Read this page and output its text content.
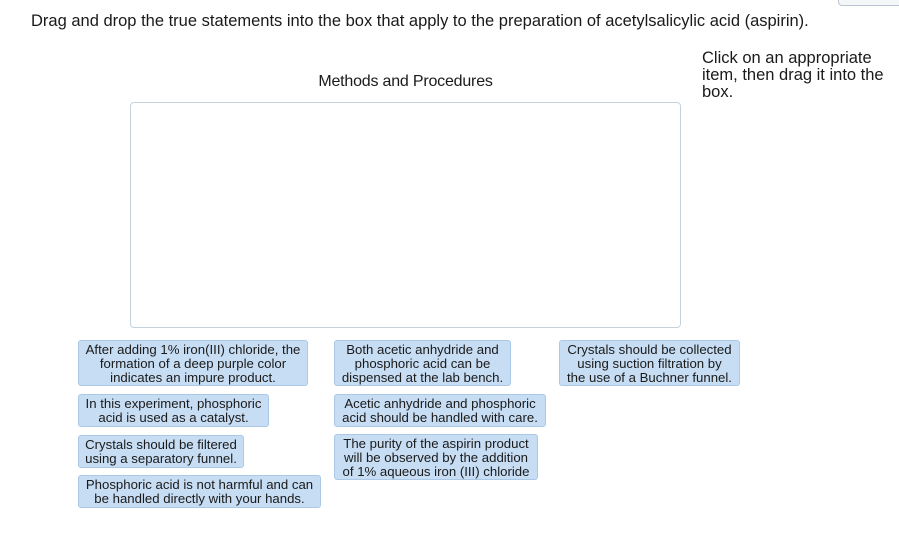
Drag and drop the true statements into the box that apply to the preparation of acetylsalicylic acid (aspirin).
Click on an appropriate item, then drag it into the box.
Methods and Procedures
After adding 1% iron(III) chloride, the
formation of a deep purple color
indicates an impure product.
In this experiment, phosphoric
acid is used as a catalyst.
Crystals should be filtered
using a separatory funnel.
Phosphoric acid is not harmful and can
be handled directly with your hands.
Both acetic anhydride and
phosphoric acid can be
dispensed at the lab bench.
Acetic anhydride and phosphoric
acid should be handled with care.
The purity of the aspirin product
will be observed by the addition
of 1% aqueous iron (III) chloride
Crystals should be collected
using suction filtration by
the use of a Buchner funnel.
